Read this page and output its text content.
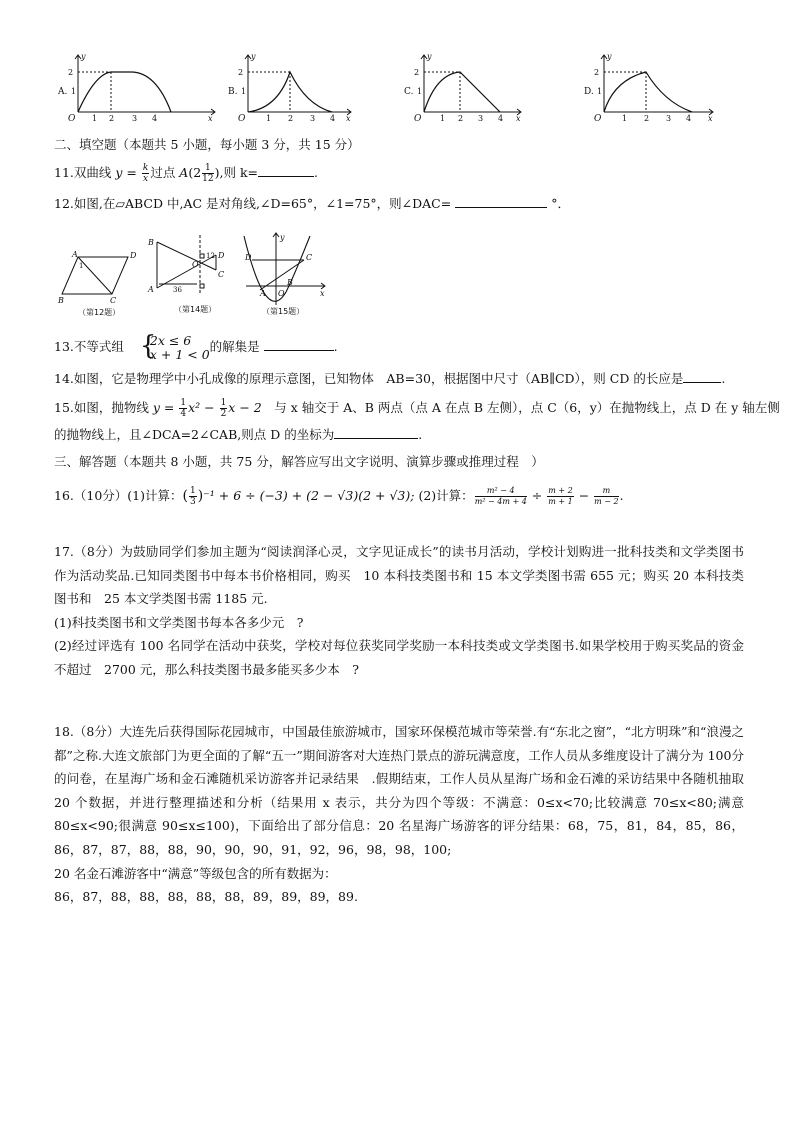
A.
y
x
O
2
1
1 2 3 4
B.
y
x
O
2
1
1 2 3 4
C.
y
x
O
2
1
1 2 3 4
D.
y
x
O
2
1
1 2 3 4
二、填空题（本题共 5 小题，每小题 3 分，共 15 分）
11.双曲线 $y = \frac{k}{x}$ 过点 $A(2 \frac{1}{12}$ ),则 k=	.
12.如图,在▱ABCD 中,AC 是对角线,∠D=65°，∠1=75°，则∠DAC=	°．
A
B	C
D
1
（第12题）
B
A
D
C
O
12
36
（第14题）
y
x
A
B
C
D
O
（第15题）
13.不等式组 {
2x ≤ 6
x + 1 < 0 的解集是	.
14.如图，它是物理学中小孔成像的原理示意图，已知物体　AB=30，根据图中尺寸（AB∥CD），则 CD 的长应是	.
15.如图，抛物线 $y = \frac{1}{4} x^2 - \frac{1}{2}$ x − 2　与 x 轴交于 A、B 两点（点 A 在点 B 左侧），点 C（6，y）在抛物线上，点 D 在 y 轴左侧
的抛物线上，且∠DCA=2∠CAB,则点 D 的坐标为	.
三、解答题（本题共 8 小题，共 75 分，解答应写出文字说明、演算步骤或推理过程　）
16.（10分）(1)计算：( $\frac{1}{3} )^{-1} + 6 \div (-3) + (2 - √3)(2 + √3)$; (2)计算： $\frac{\text{m² − 4}}{\text{m² − 4m + 4}} \div \frac{m + 2}{m + 1} - \frac{m}{m - 2}$ .

17.（8分）为鼓励同学们参加主题为“阅读润泽心灵，文字见证成长”的读书月活动，学校计划购进一批科技类和文学类图书作为活动奖品.已知同类图书中每本书价格相同，购买　10 本科技类图书和 15 本文学类图书需 655 元；购买 20 本科技类图书和　25 本文学类图书需 1185 元.

(1)科技类图书和文学类图书每本各多少元　?

(2)经过评选有 100 名同学在活动中获奖，学校对每位获奖同学奖励一本科技类或文学类图书.如果学校用于购买奖品的资金不超过　2700 元，那么科技类图书最多能买多少本　?

18.（8分）大连先后获得国际花园城市，中国最佳旅游城市，国家环保模范城市等荣誉.有“东北之窗”，“北方明珠”和“浪漫之都”之称.大连文旅部门为更全面的了解“五一”期间游客对大连热门景点的游玩满意度，工作人员从多维度设计了满分为 100分的问卷，在星海广场和金石滩随机采访游客并记录结果　.假期结束，工作人员从星海广场和金石滩的采访结果中各随机抽取 20 个数据，并进行整理描述和分析（结果用 x 表示，共分为四个等级：不满意：0≤x<70;比较满意 70≤x<80;满意 80≤x<90;很满意 90≤x≤100)，下面给出了部分信息：20 名星海广场游客的评分结果：68，75，81，84，85，86，86，87，87，88，88，90，90，90，91，92，96，98，98，100;

20 名金石滩游客中“满意”等级包含的所有数据为：

86，87，88，88，88，88，88，89，89，89，89.
